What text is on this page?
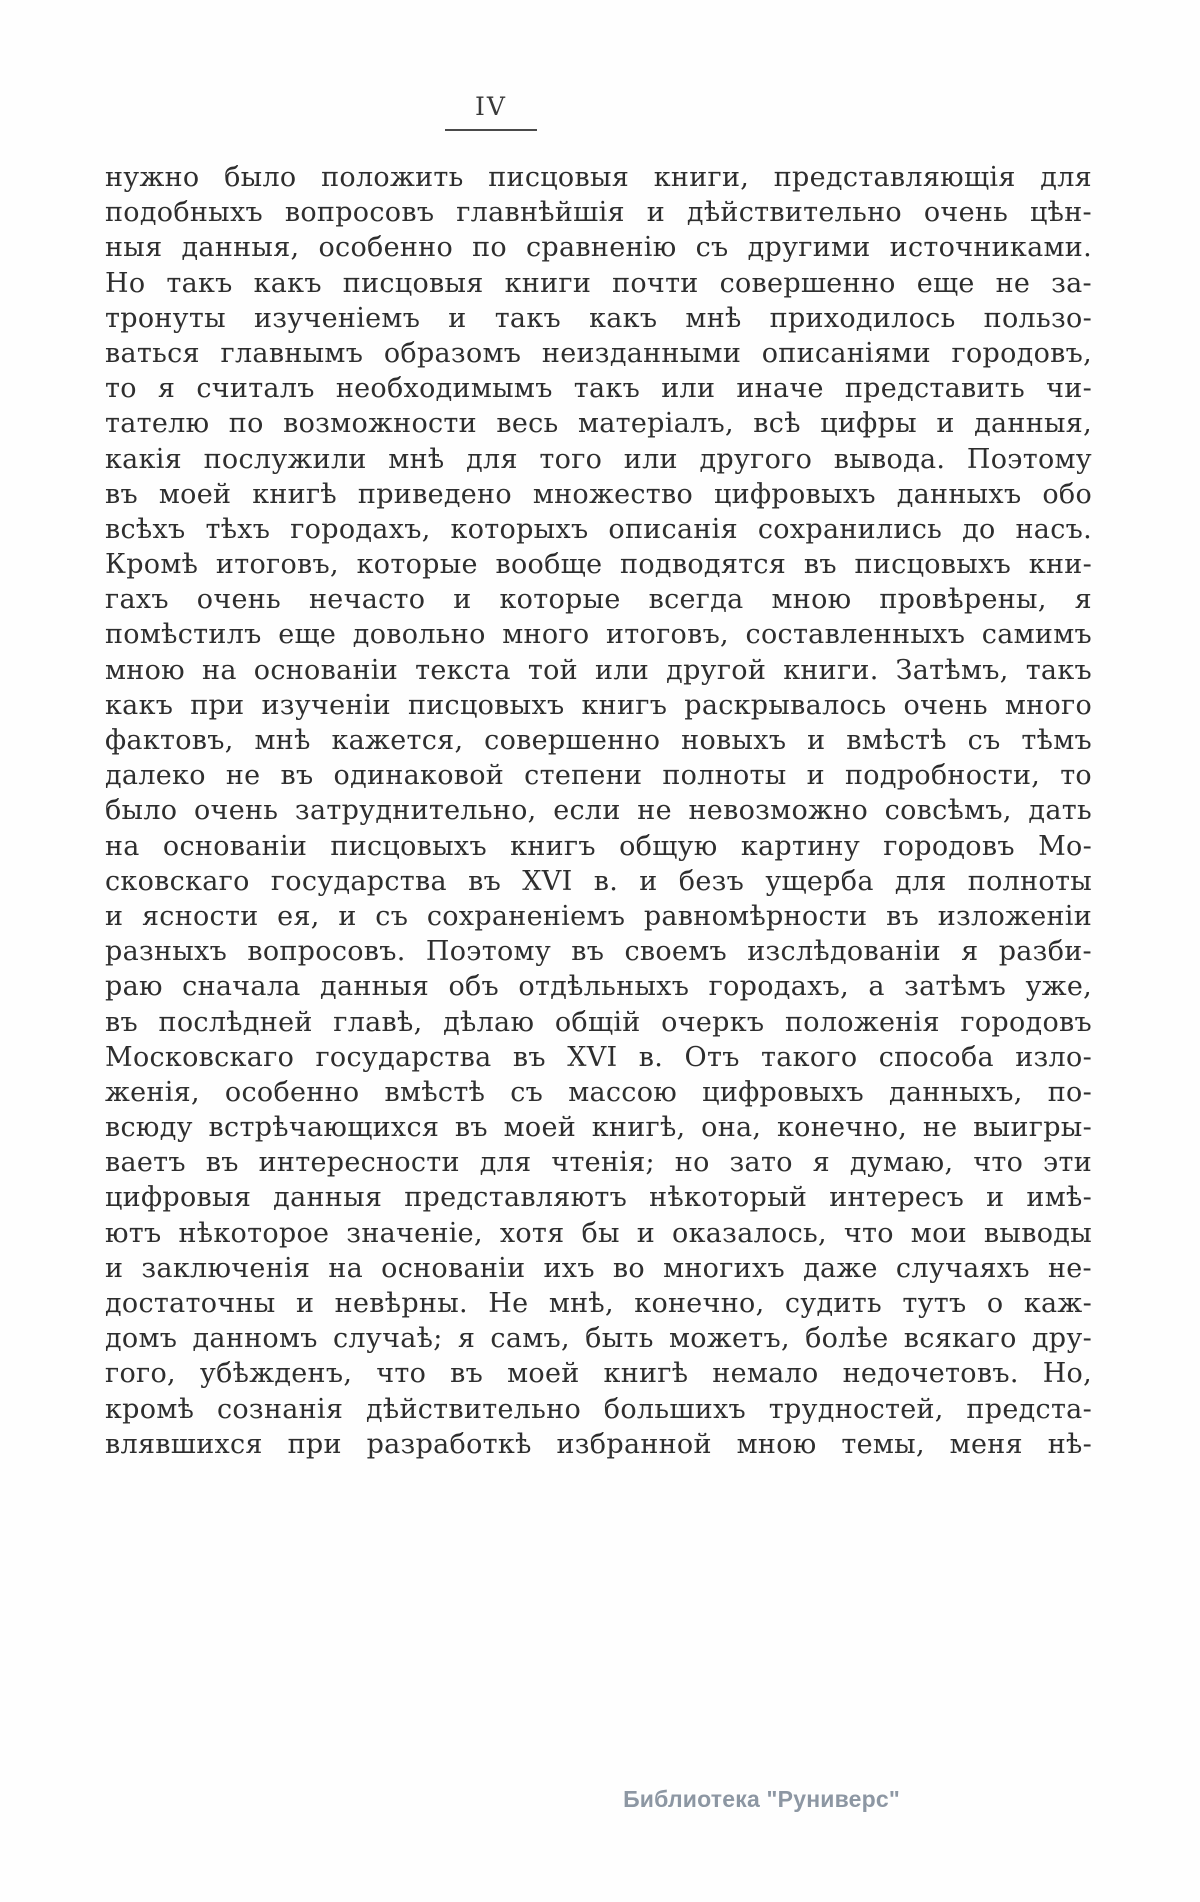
IV
нужно было положить писцовыя книги, представляющія для
подобныхъ вопросовъ главнѣйшія и дѣйствительно очень цѣн-
ныя данныя, особенно по сравненію съ другими источниками.
Но такъ какъ писцовыя книги почти совершенно еще не за-
тронуты изученіемъ и такъ какъ мнѣ приходилось пользо-
ваться главнымъ образомъ неизданными описаніями городовъ,
то я считалъ необходимымъ такъ или иначе представить чи-
тателю по возможности весь матеріалъ, всѣ цифры и данныя,
какія послужили мнѣ для того или другого вывода. Поэтому
въ моей книгѣ приведено множество цифровыхъ данныхъ обо
всѣхъ тѣхъ городахъ, которыхъ описанія сохранились до насъ.
Кромѣ итоговъ, которые вообще подводятся въ писцовыхъ кни-
гахъ очень нечасто и которые всегда мною провѣрены, я
помѣстилъ еще довольно много итоговъ, составленныхъ самимъ
мною на основаніи текста той или другой книги. Затѣмъ, такъ
какъ при изученіи писцовыхъ книгъ раскрывалось очень много
фактовъ, мнѣ кажется, совершенно новыхъ и вмѣстѣ съ тѣмъ
далеко не въ одинаковой степени полноты и подробности, то
было очень затруднительно, если не невозможно совсѣмъ, дать
на основаніи писцовыхъ книгъ общую картину городовъ Мо-
сковскаго государства въ XVI в. и безъ ущерба для полноты
и ясности ея, и съ сохраненіемъ равномѣрности въ изложеніи
разныхъ вопросовъ. Поэтому въ своемъ изслѣдованіи я разби-
раю сначала данныя объ отдѣльныхъ городахъ, а затѣмъ уже,
въ послѣдней главѣ, дѣлаю общій очеркъ положенія городовъ
Московскаго государства въ XVI в. Отъ такого способа изло-
женія, особенно вмѣстѣ съ массою цифровыхъ данныхъ, по-
всюду встрѣчающихся въ моей книгѣ, она, конечно, не выигры-
ваетъ въ интересности для чтенія; но зато я думаю, что эти
цифровыя данныя представляютъ нѣкоторый интересъ и имѣ-
ютъ нѣкоторое значеніе, хотя бы и оказалось, что мои выводы
и заключенія на основаніи ихъ во многихъ даже случаяхъ не-
достаточны и невѣрны. Не мнѣ, конечно, судить тутъ о каж-
домъ данномъ случаѣ; я самъ, быть можетъ, болѣе всякаго дру-
гого, убѣжденъ, что въ моей книгѣ немало недочетовъ. Но,
кромѣ сознанія дѣйствительно большихъ трудностей, предста-
влявшихся при разработкѣ избранной мною темы, меня нѣ-
Библиотека "Руниверс"
